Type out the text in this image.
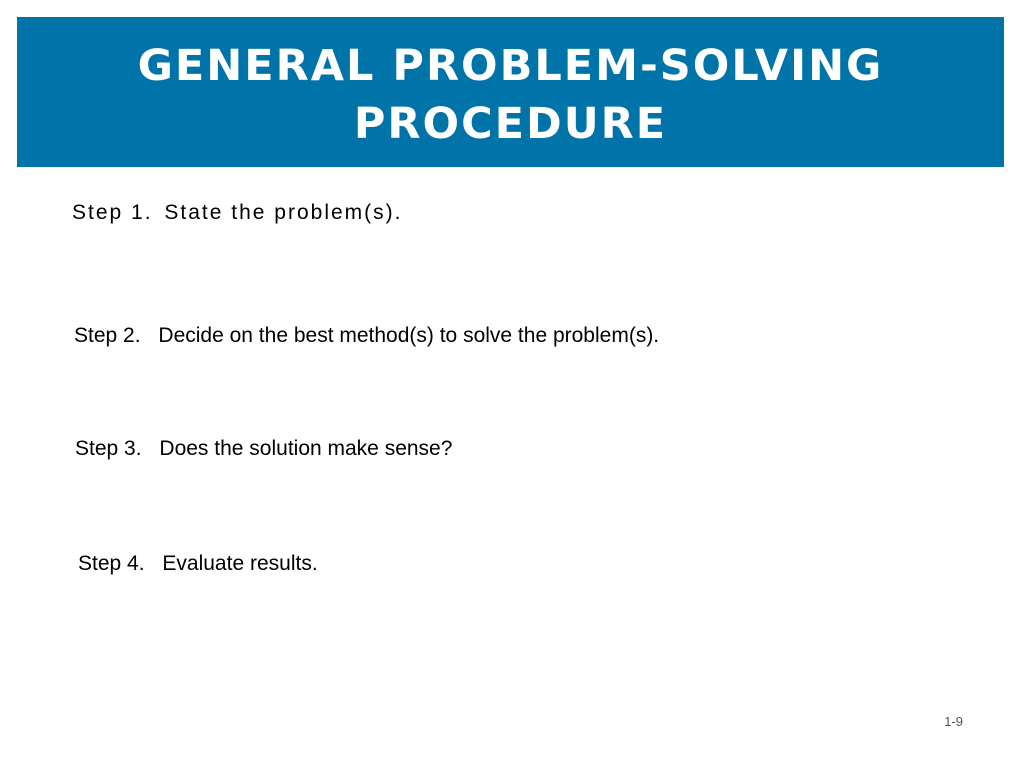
GENERAL PROBLEM-SOLVING
PROCEDURE

Step 1. State the problem(s).

Step 2. Decide on the best method(s) to solve the problem(s).

Step 3. Does the solution make sense?

Step 4. Evaluate results.

1-9
